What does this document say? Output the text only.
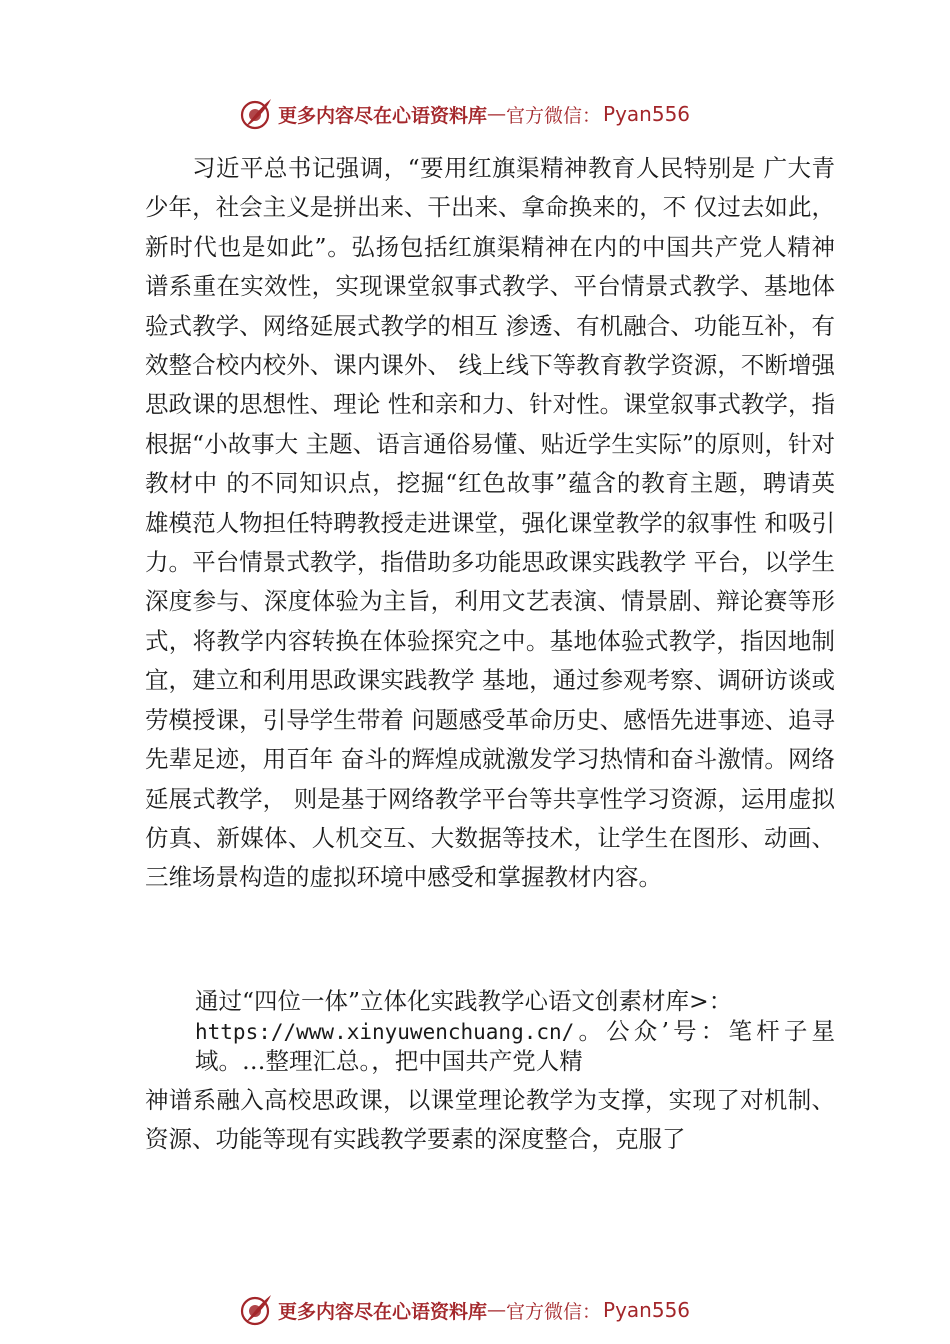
更多内容尽在心语资料库 — 官方微信： Pyan556

习近平总书记强调，“要用红旗渠精神教育人民特别是 广大青少年，社会主义是拼出来、干出来、拿命换来的，不 仅过去如此，新时代也是如此”。弘扬包括红旗渠精神在内的中国共产党人精神谱系重在实效性，实现课堂叙事式教学、平台情景式教学、基地体验式教学、网络延展式教学的相互 渗透、有机融合、功能互补，有效整合校内校外、课内课外、 线上线下等教育教学资源，不断增强思政课的思想性、理论 性和亲和力、针对性。课堂叙事式教学，指根据“小故事大 主题、语言通俗易懂、贴近学生实际”的原则，针对教材中 的不同知识点，挖掘“红色故事”蕴含的教育主题，聘请英 雄模范人物担任特聘教授走进课堂，强化课堂教学的叙事性 和吸引力。平台情景式教学，指借助多功能思政课实践教学 平台，以学生深度参与、深度体验为主旨，利用文艺表演、情景剧、辩论赛等形式，将教学内容转换在体验探究之中。基地体验式教学，指因地制宜，建立和利用思政课实践教学 基地，通过参观考察、调研访谈或劳模授课，引导学生带着 问题感受革命历史、感悟先进事迹、追寻先辈足迹，用百年 奋斗的辉煌成就激发学习热情和奋斗激情。网络延展式教学， 则是基于网络教学平台等共享性学习资源，运用虚拟仿真、新媒体、人机交互、大数据等技术，让学生在图形、动画、三维场景构造的虚拟环境中感受和掌握教材内容。

通过“四位一体”立体化实践教学心语文创素材库>：
https://www.xinyuwenchuang.cn/。公众’号：笔杆子星域。…整理汇总。，把中国共产党人精

神谱系融入高校思政课，以课堂理论教学为支撑，实现了对机制、资源、功能等现有实践教学要素的深度整合，克服了

更多内容尽在心语资料库 — 官方微信： Pyan556
